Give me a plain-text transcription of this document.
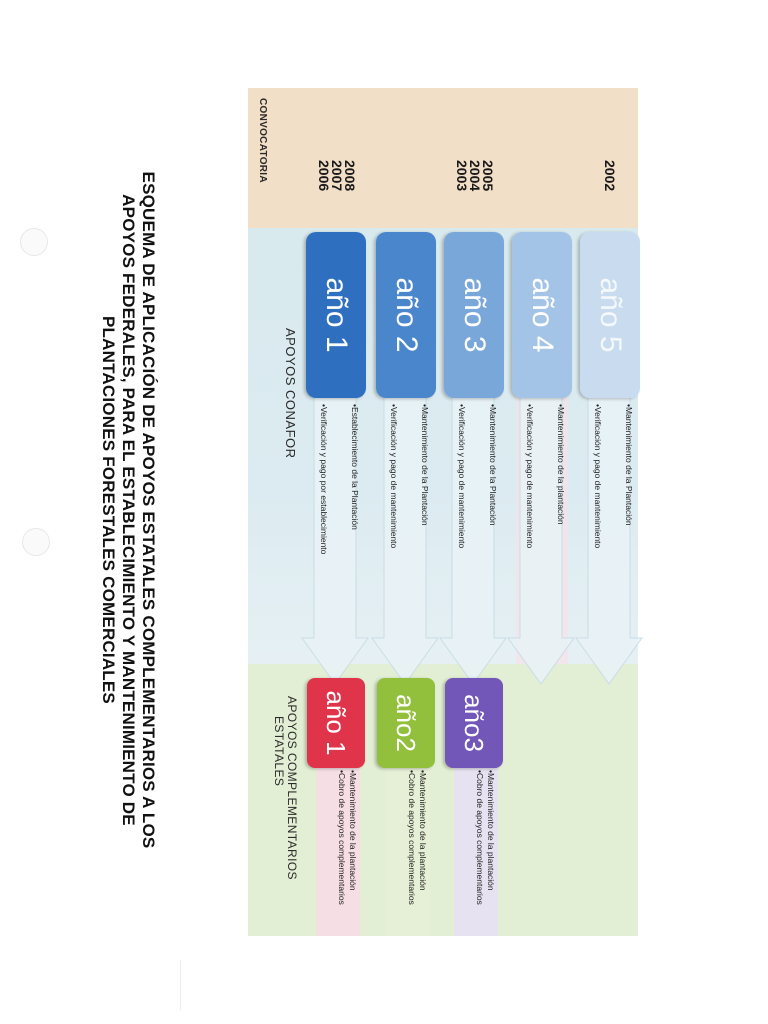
ESQUEMA DE APLICACIÓN DE APOYOS ESTATALES COMPLEMENTARIOS A LOS
APOYOS FEDERALES, PARA EL ESTABLECIMIENTO Y MANTENIMIENTO DE
PLANTACIONES FORESTALES COMERCIALES
CONVOCATORIA
APOYOS CONAFOR
APOYOS COMPLEMENTARIOS
ESTATALES
2008
2007
2006
año 1
•Establecimiento de la Plantación
•Verificación y pago por establecimiento
año 1
•Mantenimiento de la plantación
•Cobro de apoyos complementarios
año 2
•Mantenimiento de la Plantación
•Verificación y pago de mantenimiento
año2
•Mantenimiento de la plantación
•Cobro de apoyos complementarios
2005
2004
2003
año 3
•Mantenimiento de la Plantación
•Verificación y pago de mantenimiento
año3
•Mantenimiento de la plantación
•Cobro de apoyos complementarios
año 4
•Mantenimiento de la plantación
•Verificación y pago de mantenimiento
2002
año 5
•Mantenimiento de la Plantación
•Verificación y pago de mantenimiento
